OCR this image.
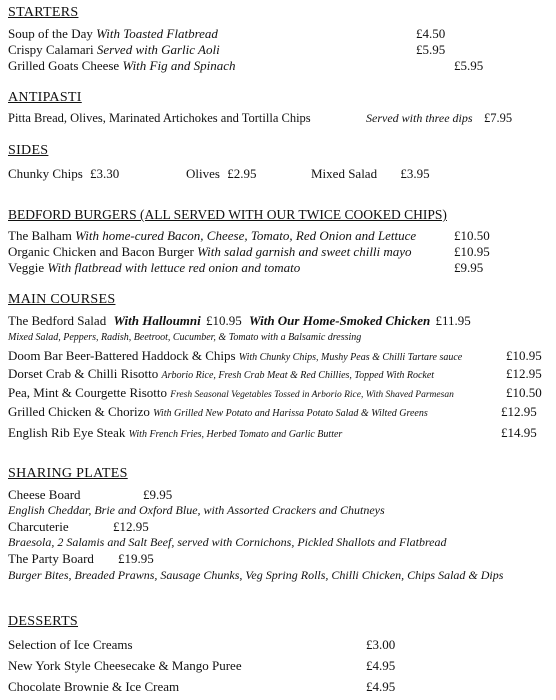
STARTERS
Soup of the Day With Toasted Flatbread	£4.50
Crispy Calamari Served with Garlic Aoli	£5.95
Grilled Goats Cheese With Fig and Spinach	£5.95
ANTIPASTI
Pitta Bread, Olives, Marinated Artichokes and Tortilla Chips	Served with three dips £7.95
SIDES
Chunky Chips £3.30	Olives £2.95	Mixed Salad £3.95
BEDFORD BURGERS (ALL SERVED WITH OUR TWICE COOKED CHIPS)
The Balham With home-cured Bacon, Cheese, Tomato, Red Onion and Lettuce	£10.50
Organic Chicken and Bacon Burger With salad garnish and sweet chilli mayo	£10.95
Veggie With flatbread with lettuce red onion and tomato	£9.95
MAIN COURSES
The Bedford Salad With Halloumni £10.95 With Our Home-Smoked Chicken £11.95
Mixed Salad, Peppers, Radish, Beetroot, Cucumber, & Tomato with a Balsamic dressing
Doom Bar Beer-Battered Haddock & Chips With Chunky Chips, Mushy Peas & Chilli Tartare sauce	£10.95
Dorset Crab & Chilli Risotto Arborio Rice, Fresh Crab Meat & Red Chillies, Topped With Rocket	£12.95
Pea, Mint & Courgette Risotto Fresh Seasonal Vegetables Tossed in Arborio Rice, With Shaved Parmesan	£10.50
Grilled Chicken & Chorizo With Grilled New Potato and Harissa Potato Salad & Wilted Greens	£12.95
English Rib Eye Steak With French Fries, Herbed Tomato and Garlic Butter	£14.95
SHARING PLATES
Cheese Board	£9.95
English Cheddar, Brie and Oxford Blue, with Assorted Crackers and Chutneys
Charcuterie	£12.95
Braesola, 2 Salamis and Salt Beef, served with Cornichons, Pickled Shallots and Flatbread
The Party Board £19.95
Burger Bites, Breaded Prawns, Sausage Chunks, Veg Spring Rolls, Chilli Chicken, Chips Salad & Dips
DESSERTS
Selection of Ice Creams	£3.00
New York Style Cheesecake & Mango Puree	£4.95
Chocolate Brownie & Ice Cream	£4.95
